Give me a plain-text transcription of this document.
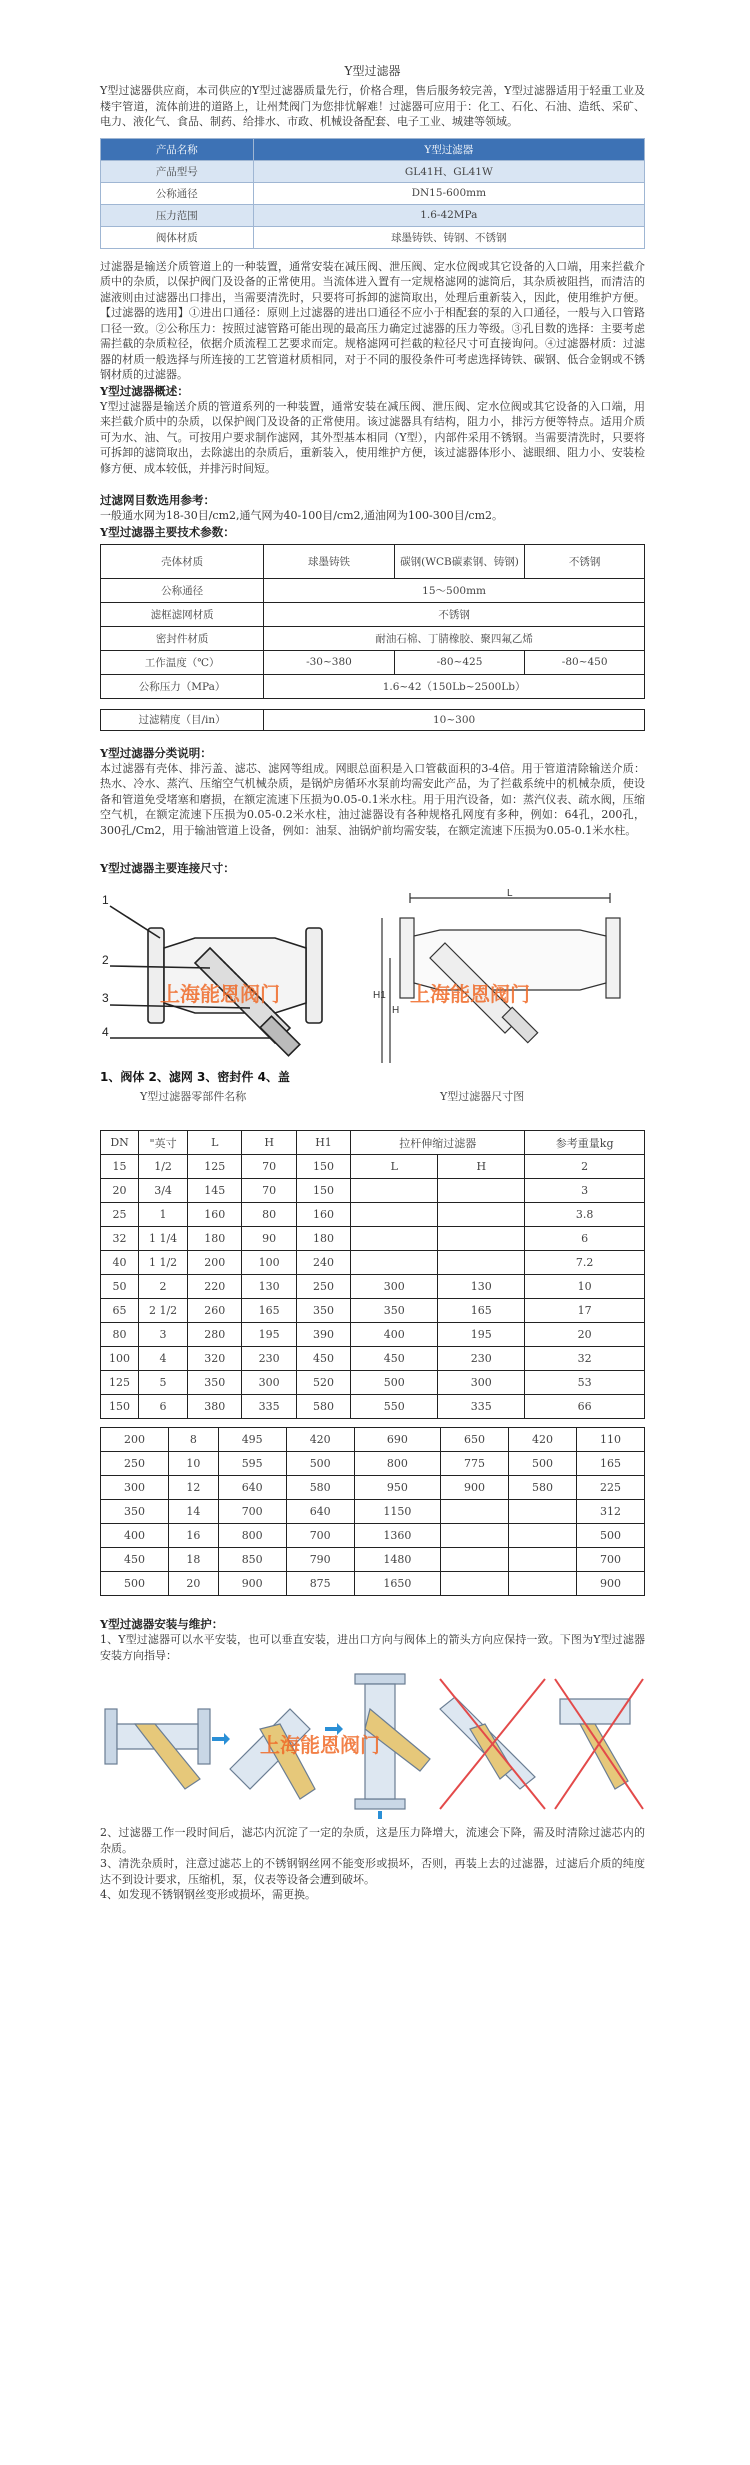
Y型过滤器

Y型过滤器供应商，本司供应的Y型过滤器质量先行，价格合理，售后服务较完善，Y型过滤器适用于轻重工业及楼宇管道，流体前进的道路上，让州梵阀门为您排忧解难！过滤器可应用于：化工、石化、石油、造纸、采矿、电力、液化气、食品、制药、给排水、市政、机械设备配套、电子工业、城建等领域。

产品名称	Y型过滤器
产品型号	GL41H、GL41W
公称通径	DN15-600mm
压力范围	1.6-42MPa
阀体材质	球墨铸铁、铸钢、不锈钢

过滤器是输送介质管道上的一种装置，通常安装在减压阀、泄压阀、定水位阀或其它设备的入口端，用来拦截介质中的杂质，以保护阀门及设备的正常使用。当流体进入置有一定规格滤网的滤筒后，其杂质被阻挡，而清洁的滤液则由过滤器出口排出，当需要清洗时，只要将可拆卸的滤筒取出，处理后重新装入，因此，使用维护方便。【过滤器的选用】①进出口通径：原则上过滤器的进出口通径不应小于相配套的泵的入口通径，一般与入口管路口径一致。②公称压力：按照过滤管路可能出现的最高压力确定过滤器的压力等级。③孔目数的选择：主要考虑需拦截的杂质粒径，依据介质流程工艺要求而定。规格滤网可拦截的粒径尺寸可直接询问。④过滤器材质：过滤器的材质一般选择与所连接的工艺管道材质相同，对于不同的服役条件可考虑选择铸铁、碳钢、低合金钢或不锈钢材质的过滤器。

Y型过滤器概述：

Y型过滤器是输送介质的管道系列的一种装置，通常安装在减压阀、泄压阀、定水位阀或其它设备的入口端，用来拦截介质中的杂质，以保护阀门及设备的正常使用。该过滤器具有结构，阻力小，排污方便等特点。适用介质可为水、油、气。可按用户要求制作滤网，其外型基本相同（Y型），内部件采用不锈钢。当需要清洗时，只要将可拆卸的滤筒取出，去除滤出的杂质后，重新装入，使用维护方便，该过滤器体形小、滤眼细、阻力小、安装检修方便、成本较低，并排污时间短。

过滤网目数选用参考：

一般通水网为18-30目/cm2,通气网为40-100目/cm2,通油网为100-300目/cm2。

Y型过滤器主要技术参数：

壳体材质	球墨铸铁	碳钢(WCB碳素钢、铸钢)	不锈钢
公称通径	15～500mm		
滤框滤网材质	不锈钢		
密封件材质	耐油石棉、丁腈橡胶、聚四氟乙烯		
工作温度（℃）	-30~380	-80~425	-80~450
公称压力（MPa）	1.6~42（150Lb~2500Lb）		
过滤精度（目/in）	10~300

Y型过滤器分类说明：

本过滤器有壳体、排污盖、滤芯、滤网等组成。网眼总面积是入口管截面积的3-4倍。用于管道清除输送介质：热水、冷水、蒸汽、压缩空气机械杂质，是锅炉房循环水泵前均需安此产品，为了拦截系统中的机械杂质，使设备和管道免受堵塞和磨损，在额定流速下压损为0.05-0.1米水柱。用于用汽设备，如：蒸汽仪表、疏水阀，压缩空气机，在额定流速下压损为0.05-0.2米水柱，油过滤器设有各种规格孔网度有多种，例如：64孔，200孔，300孔/Cm2，用于输油管道上设备，例如：油泵、油锅炉前均需安装，在额定流速下压损为0.05-0.1米水柱。

Y型过滤器主要连接尺寸：

1
2
3
4
L
H1
H
上海能恩阀门	上海能恩阀门
1、阀体 2、滤网 3、密封件 4、盖
Y型过滤器零部件名称	Y型过滤器尺寸图
DN	"英寸	L	H	H1	拉杆伸缩过滤器		参考重量kg
15	1/2	125	70	150	L	H	2
20	3/4	145	70	150			3
25	1	160	80	160			3.8
32	1 1/4	180	90	180			6
40	1 1/2	200	100	240			7.2
50	2	220	130	250	300	130	10
65	2 1/2	260	165	350	350	165	17
80	3	280	195	390	400	195	20
100	4	320	230	450	450	230	32
125	5	350	300	520	500	300	53
150	6	380	335	580	550	335	66
200	8	495	420	690	650	420	110
250	10	595	500	800	775	500	165
300	12	640	580	950	900	580	225
350	14	700	640	1150			312
400	16	800	700	1360			500
450	18	850	790	1480			700
500	20	900	875	1650			900

Y型过滤器安装与维护：

1、Y型过滤器可以水平安装，也可以垂直安装，进出口方向与阀体上的箭头方向应保持一致。下图为Y型过滤器安装方向指导：

上海能恩阀门

2、过滤器工作一段时间后，滤芯内沉淀了一定的杂质，这是压力降增大，流速会下降，需及时清除过滤芯内的杂质。

3、清洗杂质时，注意过滤芯上的不锈钢钢丝网不能变形或损坏，否则，再装上去的过滤器，过滤后介质的纯度达不到设计要求，压缩机，泵，仪表等设备会遭到破坏。

4、如发现不锈钢钢丝变形或损坏，需更换。
